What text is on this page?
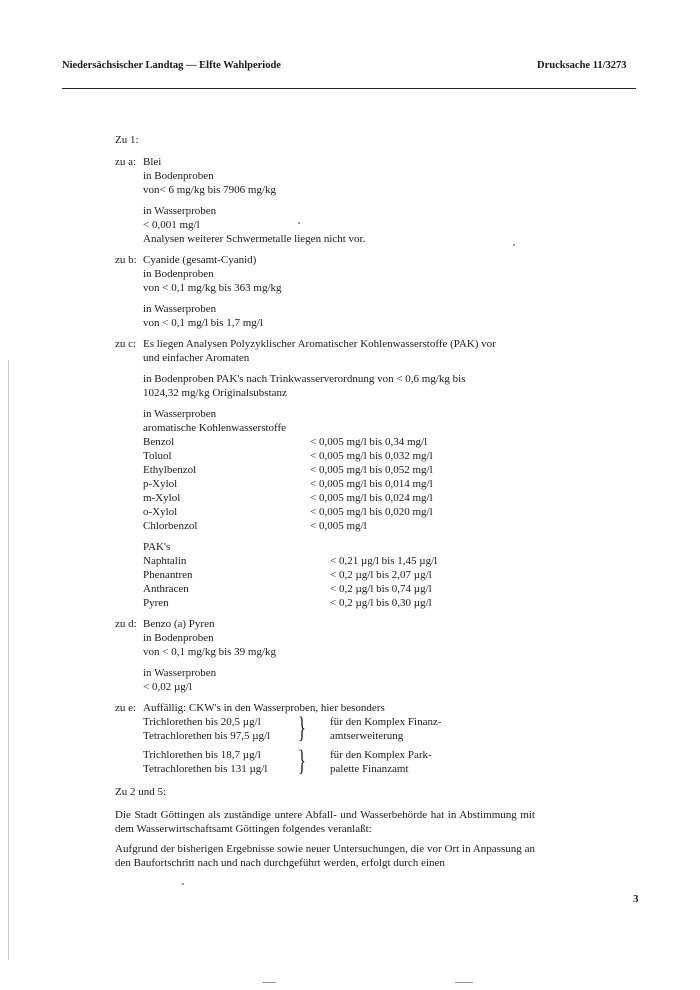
Niedersächsischer Landtag — Elfte Wahlperiode	Drucksache 11/3273
Zu 1:
zu a: Blei
in Bodenproben
von< 6 mg/kg bis 7906 mg/kg
in Wasserproben
< 0,001 mg/l
Analysen weiterer Schwermetalle liegen nicht vor.
zu b: Cyanide (gesamt-Cyanid)
in Bodenproben
von < 0,1 mg/kg bis 363 mg/kg
in Wasserproben
von < 0,1 mg/l bis 1,7 mg/l
zu c: Es liegen Analysen Polyzyklischer Aromatischer Kohlenwasserstoffe (PAK) vor
und einfacher Aromaten
in Bodenproben PAK's nach Trinkwasserverordnung von < 0,6 mg/kg bis
1024,32 mg/kg Originalsubstanz
in Wasserproben
aromatische Kohlenwasserstoffe
Benzol	< 0,005 mg/l bis 0,34 mg/l
Toluol	< 0,005 mg/l bis 0,032 mg/l
Ethylbenzol	< 0,005 mg/l bis 0,052 mg/l
p-Xylol	< 0,005 mg/l bis 0,014 mg/l
m-Xylol	< 0,005 mg/l bis 0,024 mg/l
o-Xylol	< 0,005 mg/l bis 0,020 mg/l
Chlorbenzol	< 0,005 mg/l
PAK's
Naphtalin	< 0,21 µg/l bis 1,45 µg/l
Phenantren	< 0,2 µg/l bis 2,07 µg/l
Anthracen	< 0,2 µg/l bis 0,74 µg/l
Pyren	< 0,2 µg/l bis 0,30 µg/l
zu d: Benzo (a) Pyren
in Bodenproben
von < 0,1 mg/kg bis 39 mg/kg
in Wasserproben
< 0,02 µg/l
zu e: Auffällig: CKW's in den Wasserproben, hier besonders
Trichlorethen bis 20,5 µg/l
Tetrachlorethen bis 97,5 µg/l } für den Komplex Finanz-
amtserweiterung
Trichlorethen bis 18,7 µg/l
Tetrachlorethen bis 131 µg/l } für den Komplex Park-
palette Finanzamt
Zu 2 und 5:
Die Stadt Göttingen als zuständige untere Abfall- und Wasserbehörde hat in Abstimmung mit dem Wasserwirtschaftsamt Göttingen folgendes veranlaßt:
Aufgrund der bisherigen Ergebnisse sowie neuer Untersuchungen, die vor Ort in Anpassung an den Baufortschritt nach und nach durchgeführt werden, erfolgt durch einen
3
